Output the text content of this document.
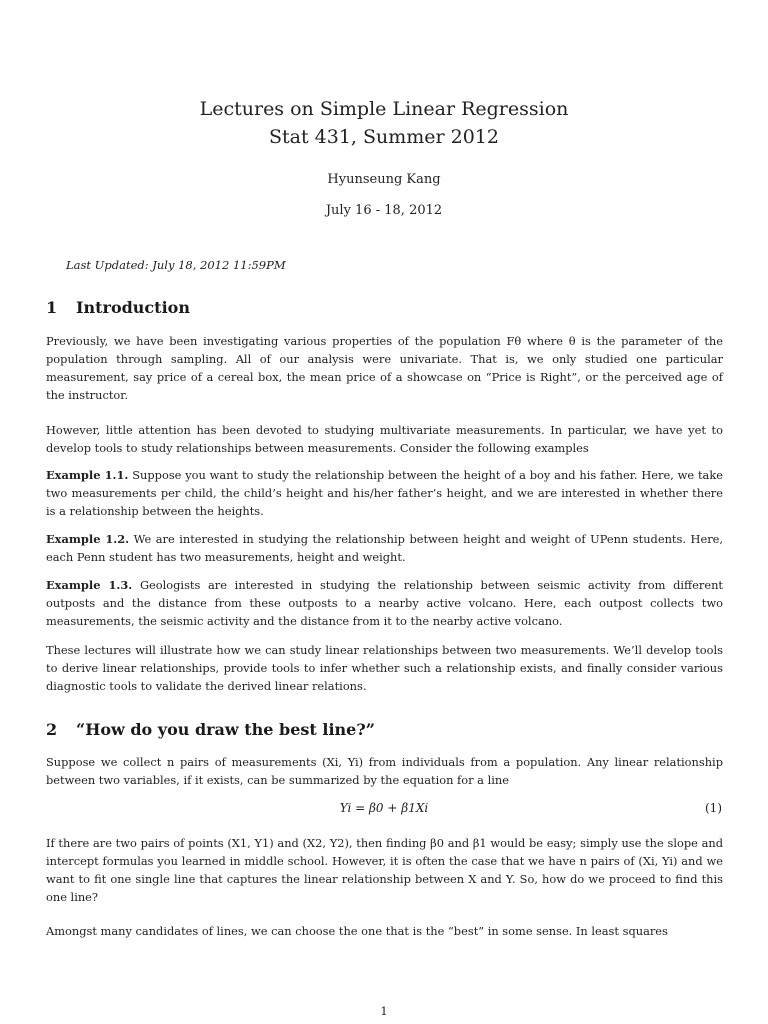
Lectures on Simple Linear Regression
Stat 431, Summer 2012
Hyunseung Kang
July 16 - 18, 2012
Last Updated: July 18, 2012 11:59PM
1 Introduction

Previously, we have been investigating various properties of the population Fθ where θ is the parameter of the population through sampling. All of our analysis were univariate. That is, we only studied one particular measurement, say price of a cereal box, the mean price of a showcase on “Price is Right”, or the perceived age of the instructor.

However, little attention has been devoted to studying multivariate measurements. In particular, we have yet to develop tools to study relationships between measurements. Consider the following examples

Example 1.1. Suppose you want to study the relationship between the height of a boy and his father. Here, we take two measurements per child, the child’s height and his/her father’s height, and we are interested in whether there is a relationship between the heights.

Example 1.2. We are interested in studying the relationship between height and weight of UPenn students. Here, each Penn student has two measurements, height and weight.

Example 1.3. Geologists are interested in studying the relationship between seismic activity from different outposts and the distance from these outposts to a nearby active volcano. Here, each outpost collects two measurements, the seismic activity and the distance from it to the nearby active volcano.

These lectures will illustrate how we can study linear relationships between two measurements. We’ll develop tools to derive linear relationships, provide tools to infer whether such a relationship exists, and finally consider various diagnostic tools to validate the derived linear relations.

2 “How do you draw the best line?”

Suppose we collect n pairs of measurements (Xi, Yi) from individuals from a population. Any linear relationship between two variables, if it exists, can be summarized by the equation for a line

Yi = β0 + β1Xi	(1)

If there are two pairs of points (X1, Y1) and (X2, Y2), then finding β0 and β1 would be easy; simply use the slope and intercept formulas you learned in middle school. However, it is often the case that we have n pairs of (Xi, Yi) and we want to fit one single line that captures the linear relationship between X and Y. So, how do we proceed to find this one line?

Amongst many candidates of lines, we can choose the one that is the “best” in some sense. In least squares

1
